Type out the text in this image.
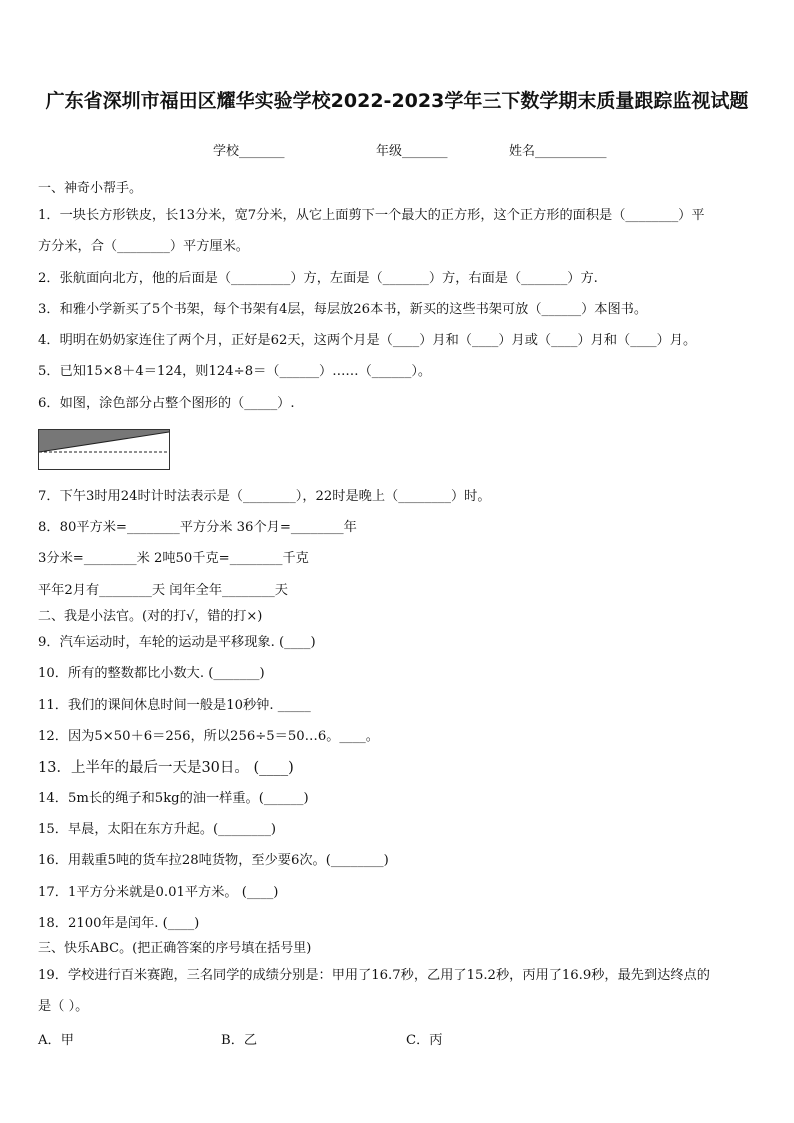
广东省深圳市福田区耀华实验学校2022-2023学年三下数学期末质量跟踪监视试题
学校_______	年级_______	姓名___________
一、神奇小帮手。
1．一块长方形铁皮，长13分米，宽7分米，从它上面剪下一个最大的正方形，这个正方形的面积是（________）平
方分米，合（________）平方厘米。
2．张航面向北方，他的后面是（_________）方，左面是（_______）方，右面是（_______）方.
3．和雅小学新买了5个书架，每个书架有4层，每层放26本书，新买的这些书架可放（______）本图书。
4．明明在奶奶家连住了两个月，正好是62天，这两个月是（____）月和（____）月或（____）月和（____）月。
5．已知15×8＋4＝124，则124÷8＝（______）……（______）。
6．如图，涂色部分占整个图形的（_____）.
7．下午3时用24时计时法表示是（________），22时是晚上（________）时。
8．80平方米=________平方分米 36个月=________年
3分米=________米 2吨50千克=________千克
平年2月有________天 闰年全年________天
二、我是小法官。(对的打√，错的打×)
9．汽车运动时，车轮的运动是平移现象. (____)
10．所有的整数都比小数大. (_______)
11．我们的课间休息时间一般是10秒钟. _____
12．因为5×50＋6＝256，所以256÷5＝50…6。____。
13．上半年的最后一天是30日。 (____)
14．5m长的绳子和5kg的油一样重。(______)
15．早晨，太阳在东方升起。(________)
16．用载重5吨的货车拉28吨货物，至少要6次。(________)
17．1平方分米就是0.01平方米。 (____)
18．2100年是闰年. (____)
三、快乐ABC。(把正确答案的序号填在括号里)
19．学校进行百米赛跑，三名同学的成绩分别是：甲用了16.7秒，乙用了15.2秒，丙用了16.9秒，最先到达终点的
是（ ）。
A．甲	B．乙	C．丙
